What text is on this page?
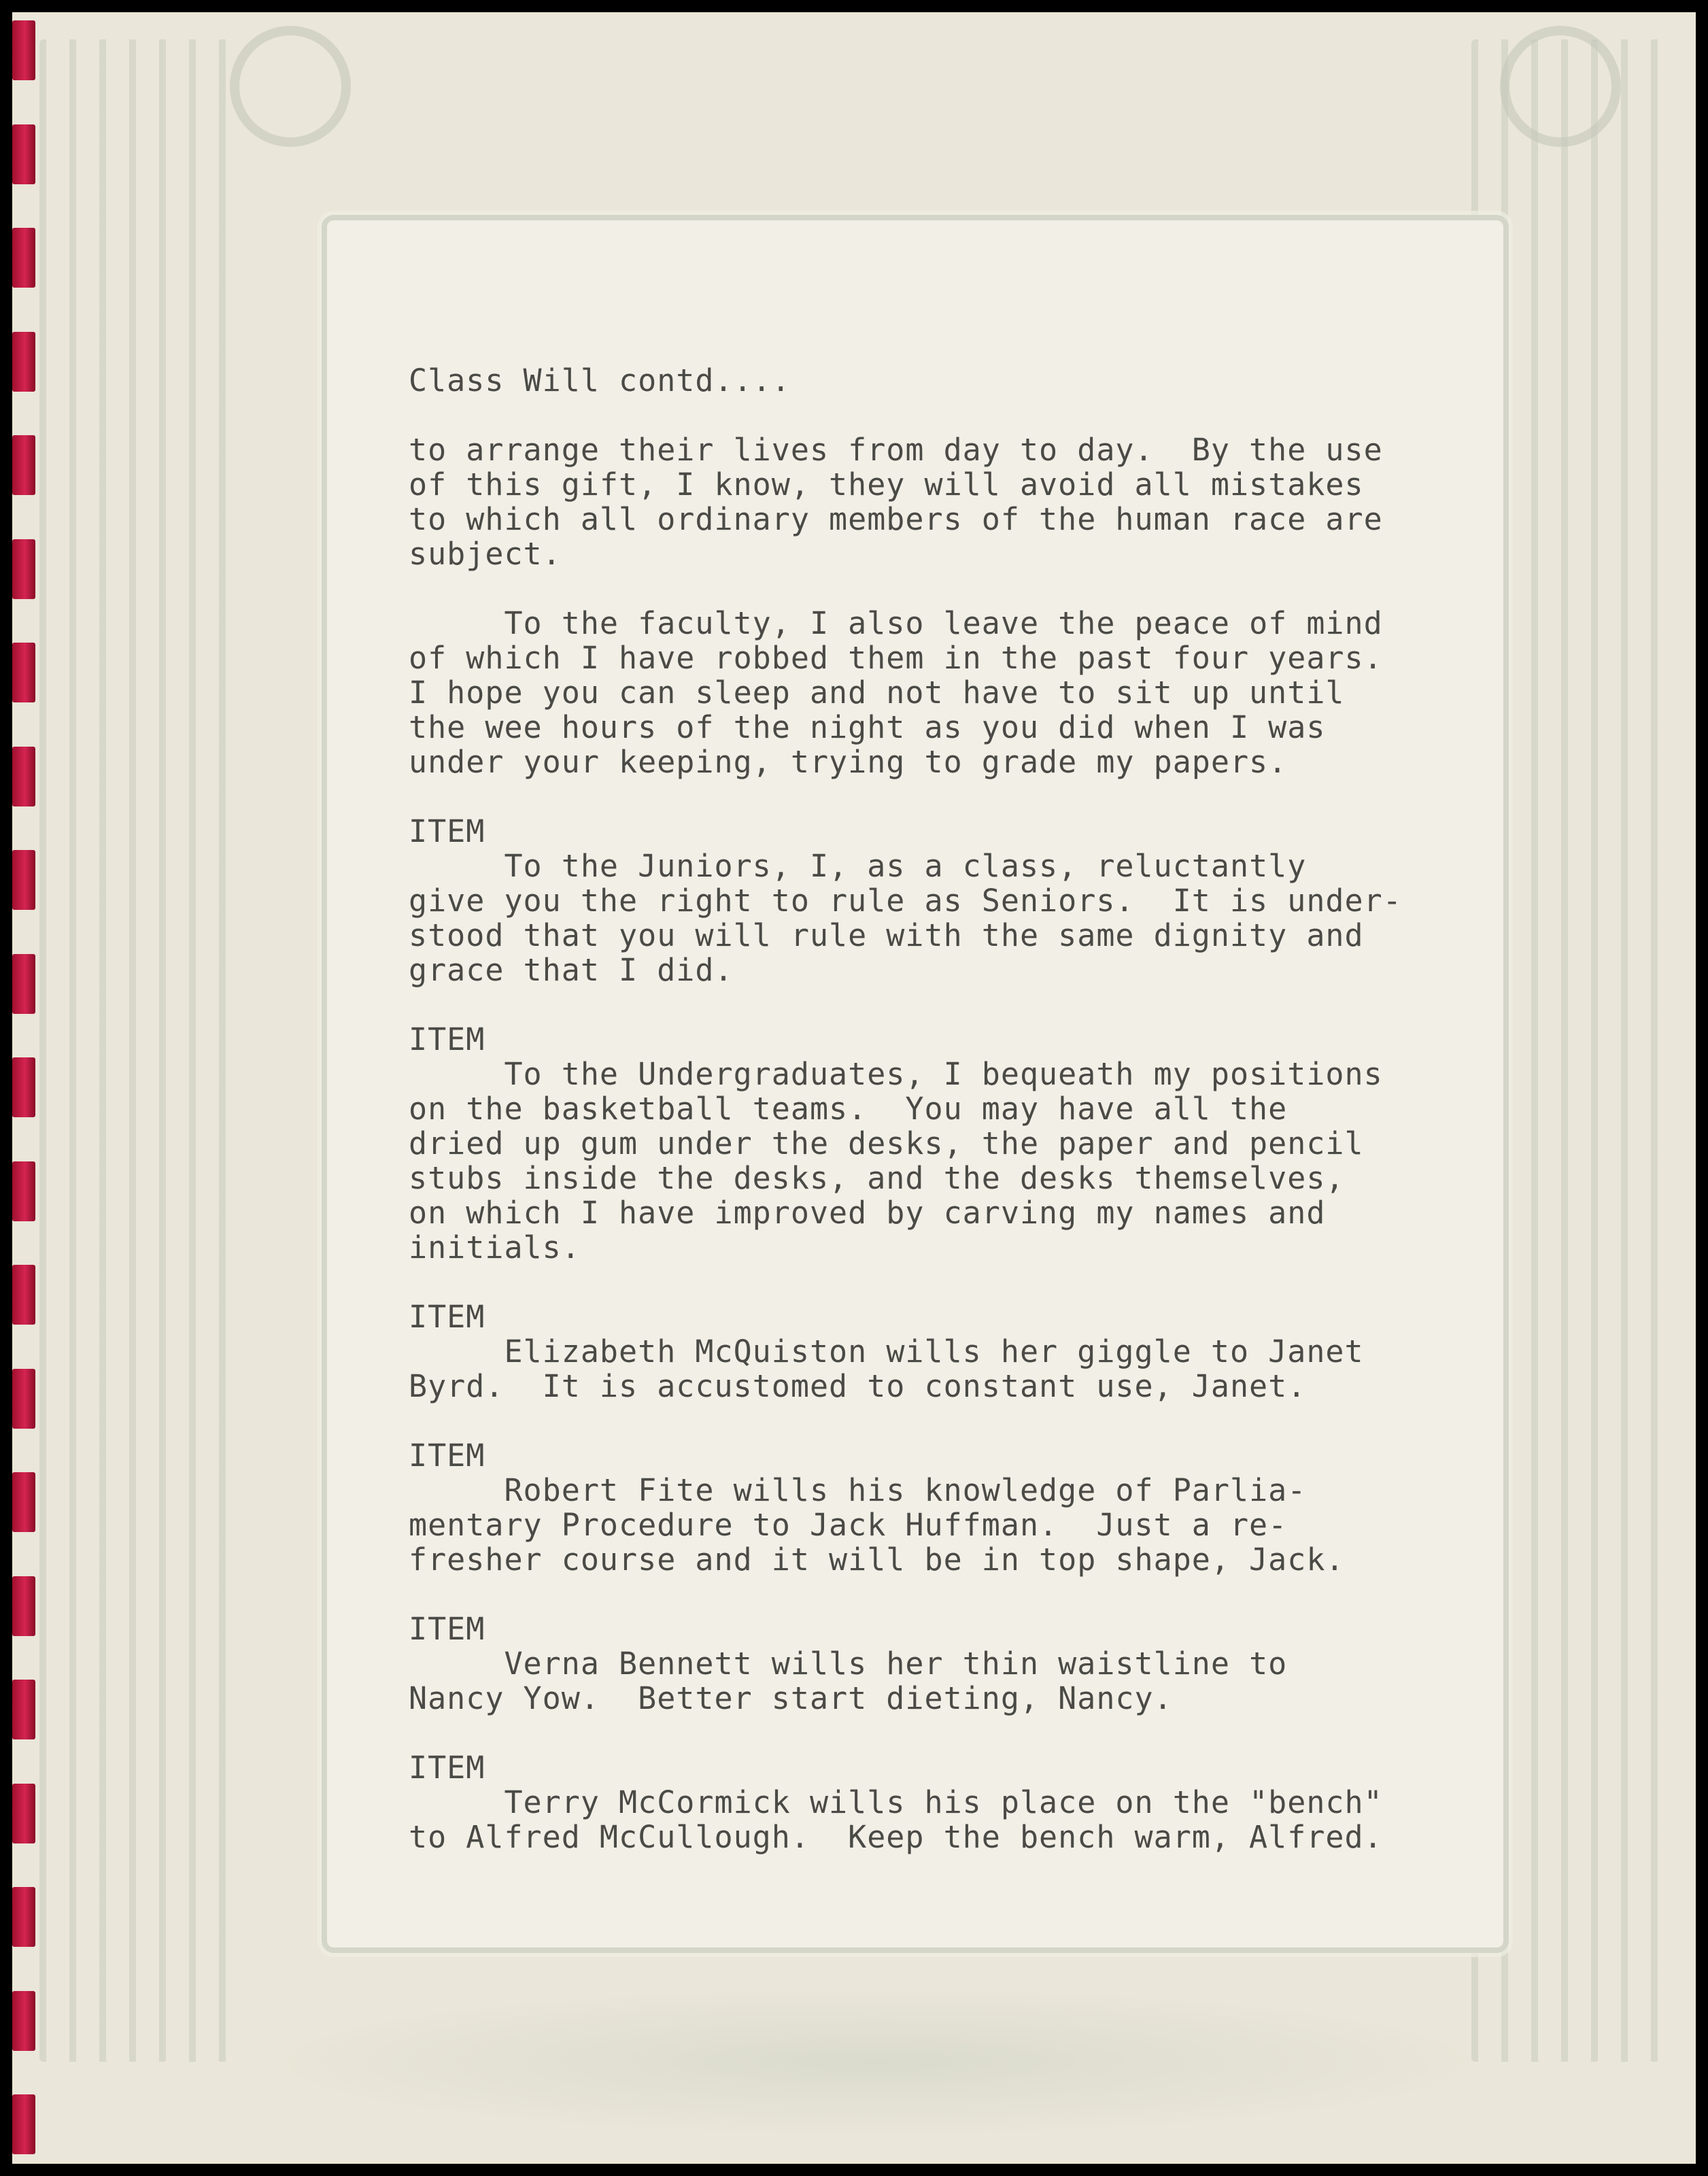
Class Will contd....

to arrange their lives from day to day.  By the use

of this gift, I know, they will avoid all mistakes

to which all ordinary members of the human race are

subject.

To the faculty, I also leave the peace of mind

of which I have robbed them in the past four years.

I hope you can sleep and not have to sit up until

the wee hours of the night as you did when I was

under your keeping, trying to grade my papers.

ITEM

To the Juniors, I, as a class, reluctantly

give you the right to rule as Seniors.  It is under-

stood that you will rule with the same dignity and

grace that I did.

ITEM

To the Undergraduates, I bequeath my positions

on the basketball teams.  You may have all the

dried up gum under the desks, the paper and pencil

stubs inside the desks, and the desks themselves,

on which I have improved by carving my names and

initials.

ITEM

Elizabeth McQuiston wills her giggle to Janet

Byrd.  It is accustomed to constant use, Janet.

ITEM

Robert Fite wills his knowledge of Parlia-

mentary Procedure to Jack Huffman.  Just a re-

fresher course and it will be in top shape, Jack.

ITEM

Verna Bennett wills her thin waistline to

Nancy Yow.  Better start dieting, Nancy.

ITEM

Terry McCormick wills his place on the "bench"

to Alfred McCullough.  Keep the bench warm, Alfred.
